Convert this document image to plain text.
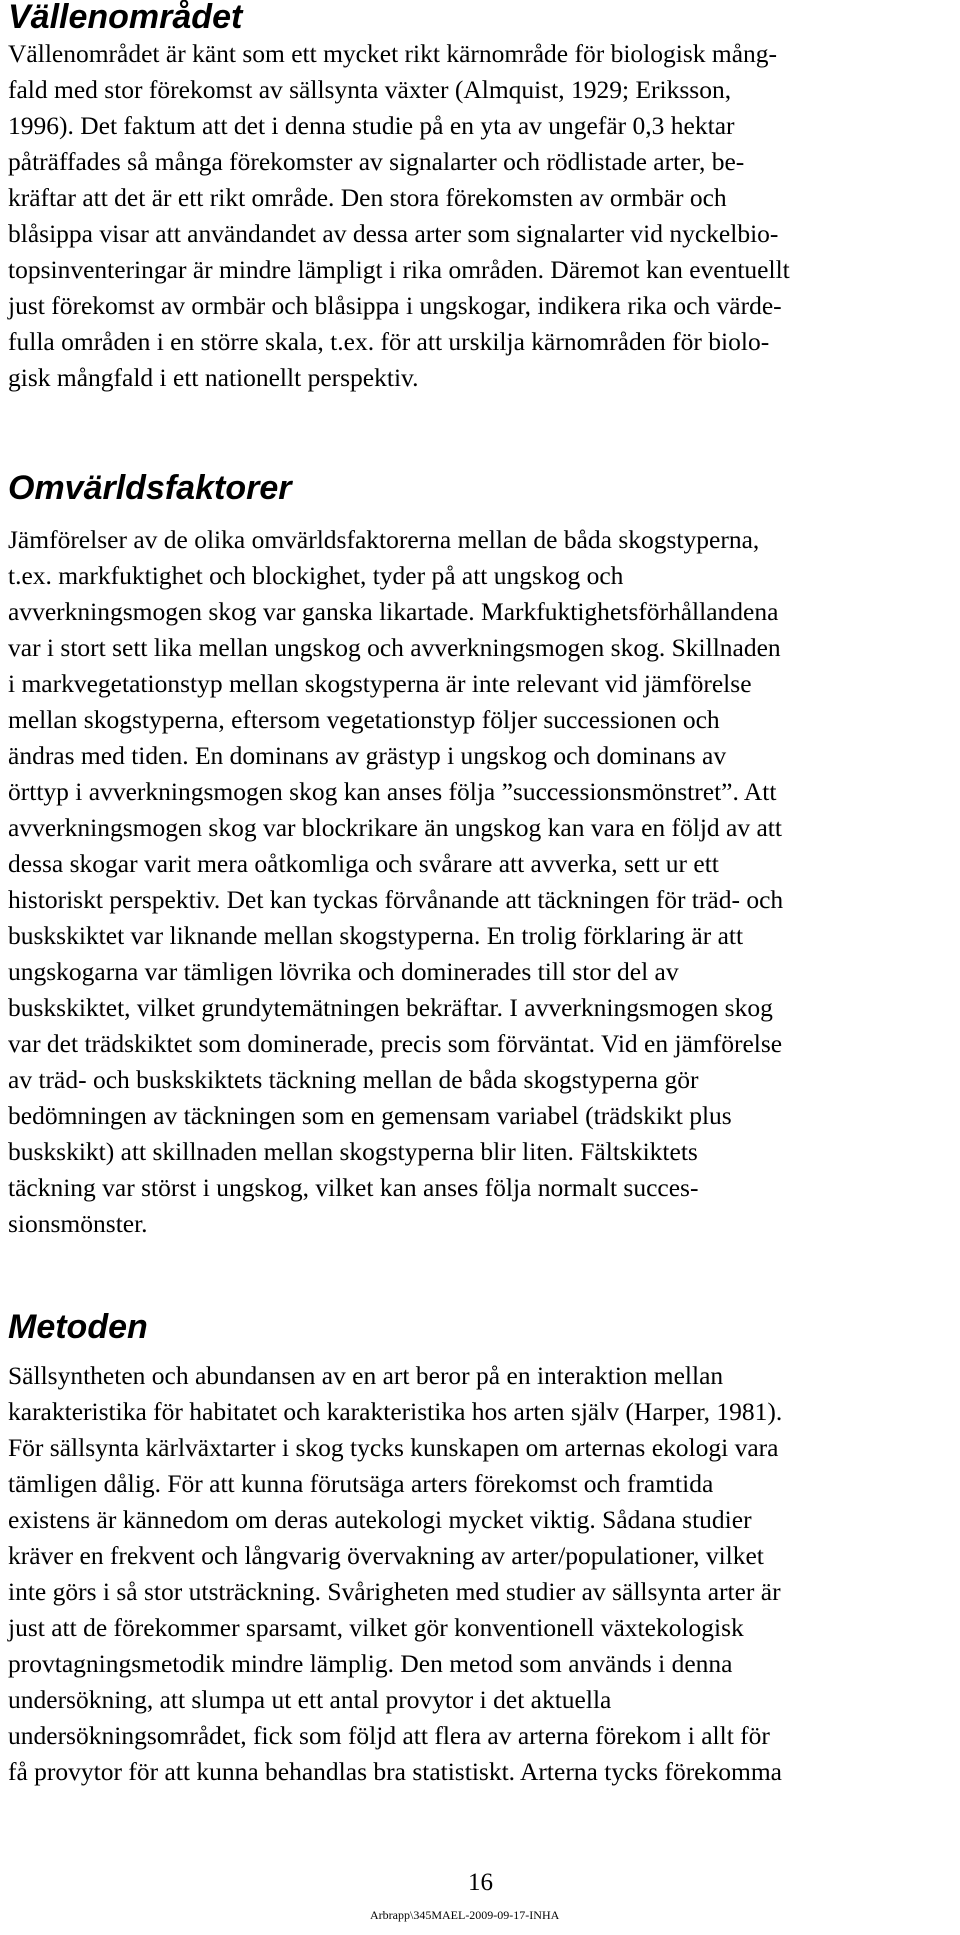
Vällenområdet
Vällenområdet är känt som ett mycket rikt kärnområde för biologisk mång-
fald med stor förekomst av sällsynta växter (Almquist, 1929; Eriksson,
1996). Det faktum att det i denna studie på en yta av ungefär 0,3 hektar
påträffades så många förekomster av signalarter och rödlistade arter, be-
kräftar att det är ett rikt område. Den stora förekomsten av ormbär och
blåsippa visar att användandet av dessa arter som signalarter vid nyckelbio-
topsinventeringar är mindre lämpligt i rika områden. Däremot kan eventuellt
just förekomst av ormbär och blåsippa i ungskogar, indikera rika och värde-
fulla områden i en större skala, t.ex. för att urskilja kärnområden för biolo-
gisk mångfald i ett nationellt perspektiv.
Omvärldsfaktorer
Jämförelser av de olika omvärldsfaktorerna mellan de båda skogstyperna,
t.ex. markfuktighet och blockighet, tyder på att ungskog och
avverkningsmogen skog var ganska likartade. Markfuktighetsförhållandena
var i stort sett lika mellan ungskog och avverkningsmogen skog. Skillnaden
i markvegetationstyp mellan skogstyperna är inte relevant vid jämförelse
mellan skogstyperna, eftersom vegetationstyp följer successionen och
ändras med tiden. En dominans av grästyp i ungskog och dominans av
örttyp i avverkningsmogen skog kan anses följa ”successionsmönstret”. Att
avverkningsmogen skog var blockrikare än ungskog kan vara en följd av att
dessa skogar varit mera oåtkomliga och svårare att avverka, sett ur ett
historiskt perspektiv. Det kan tyckas förvånande att täckningen för träd- och
buskskiktet var liknande mellan skogstyperna. En trolig förklaring är att
ungskogarna var tämligen lövrika och dominerades till stor del av
buskskiktet, vilket grundytemätningen bekräftar. I avverkningsmogen skog
var det trädskiktet som dominerade, precis som förväntat. Vid en jämförelse
av träd- och buskskiktets täckning mellan de båda skogstyperna gör
bedömningen av täckningen som en gemensam variabel (trädskikt plus
buskskikt) att skillnaden mellan skogstyperna blir liten. Fältskiktets
täckning var störst i ungskog, vilket kan anses följa normalt succes-
sionsmönster.
Metoden
Sällsyntheten och abundansen av en art beror på en interaktion mellan
karakteristika för habitatet och karakteristika hos arten själv (Harper, 1981).
För sällsynta kärlväxtarter i skog tycks kunskapen om arternas ekologi vara
tämligen dålig. För att kunna förutsäga arters förekomst och framtida
existens är kännedom om deras autekologi mycket viktig. Sådana studier
kräver en frekvent och långvarig övervakning av arter/populationer, vilket
inte görs i så stor utsträckning. Svårigheten med studier av sällsynta arter är
just att de förekommer sparsamt, vilket gör konventionell växtekologisk
provtagningsmetodik mindre lämplig. Den metod som används i denna
undersökning, att slumpa ut ett antal provytor i det aktuella
undersökningsområdet, fick som följd att flera av arterna förekom i allt för
få provytor för att kunna behandlas bra statistiskt. Arterna tycks förekomma
16
Arbrapp\345MAEL-2009-09-17-INHA
